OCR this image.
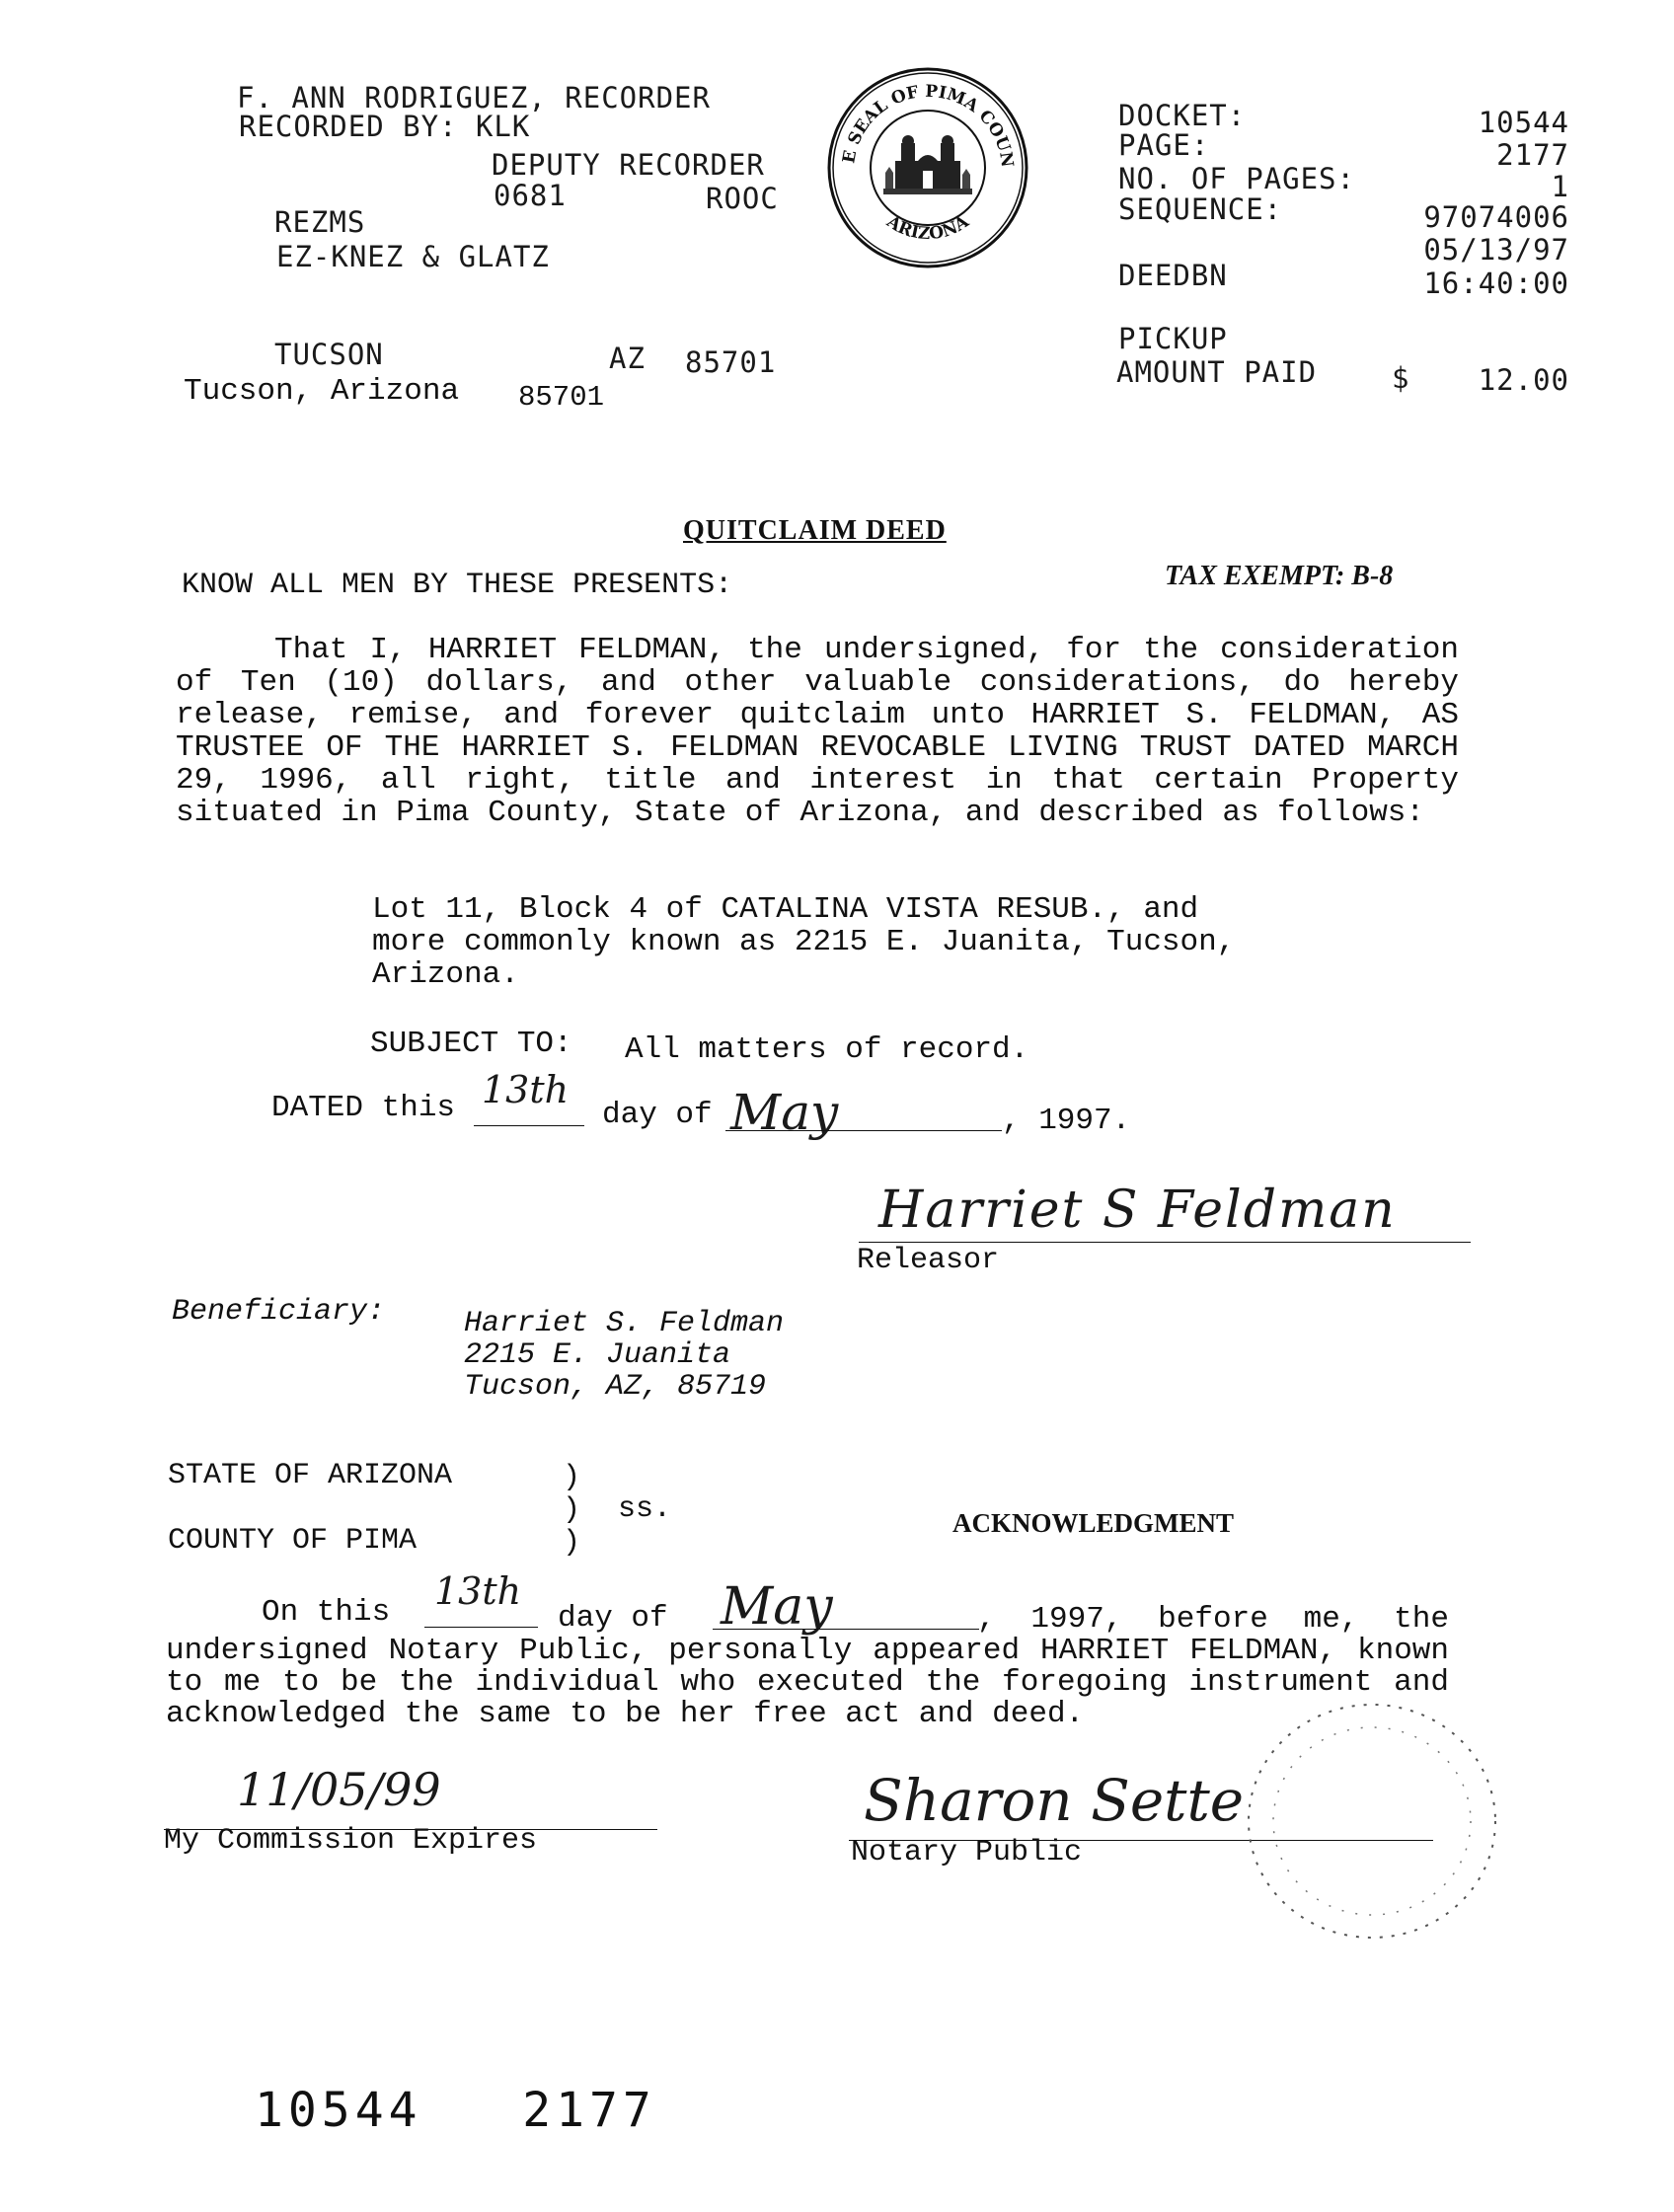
F. ANN RODRIGUEZ, RECORDER
RECORDED BY: KLK
DEPUTY RECORDER
0681	ROOC
REZMS
EZ-KNEZ & GLATZ
TUCSON	AZ 85701
Tucson, Arizona 85701
E SEAL OF PIMA COUN
ARIZONA
DOCKET:	10544
PAGE:	2177
NO. OF PAGES:	1
SEQUENCE:	97074006
05/13/97
DEEDBN	16:40:00
PICKUP
AMOUNT PAID	$	12.00
QUITCLAIM DEED
KNOW ALL MEN BY THESE PRESENTS:	TAX EXEMPT: B-8
That I, HARRIET FELDMAN, the undersigned, for the consideration of Ten (10) dollars, and other valuable considerations, do hereby release, remise, and forever quitclaim unto HARRIET S. FELDMAN, AS TRUSTEE OF THE HARRIET S. FELDMAN REVOCABLE LIVING TRUST DATED MARCH 29, 1996, all right, title and interest in that certain Property situated in Pima County, State of Arizona, and described as follows:
Lot 11, Block 4 of CATALINA VISTA RESUB., and more commonly known as 2215 E. Juanita, Tucson, Arizona.
SUBJECT TO: All matters of record.
DATED this 13th
day of May	, 1997.
Harriet S Feldman
Releasor
Beneficiary:	Harriet S. Feldman
2215 E. Juanita
Tucson, AZ, 85719
STATE OF ARIZONA
COUNTY OF PIMA
)
)
)
ss.	ACKNOWLEDGMENT
On this 13th
day of May	, 1997, before me, the undersigned Notary Public, personally appeared HARRIET FELDMAN, known to me to be the individual who executed the foregoing instrument and acknowledged the same to be her free act and deed.
11/05/99
My Commission Expires
Sharon Sette
Notary Public
10544   2177
